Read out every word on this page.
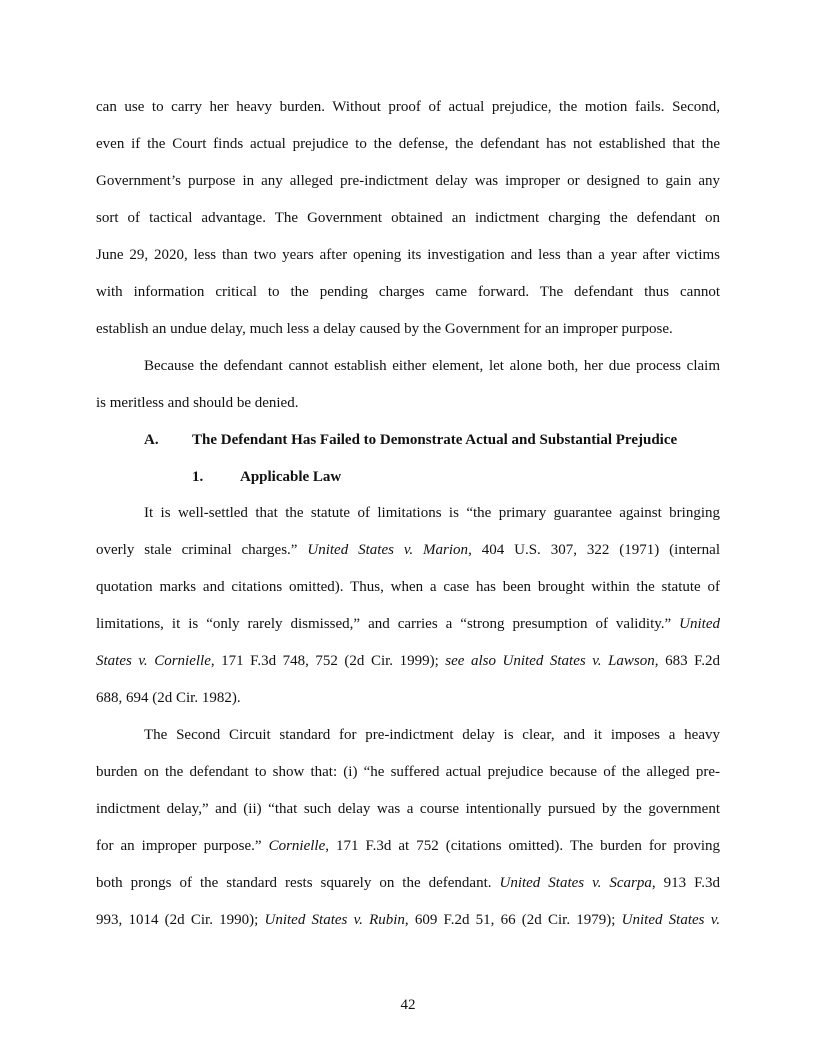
can use to carry her heavy burden. Without proof of actual prejudice, the motion fails. Second,
even if the Court finds actual prejudice to the defense, the defendant has not established that the
Government’s purpose in any alleged pre-indictment delay was improper or designed to gain any
sort of tactical advantage. The Government obtained an indictment charging the defendant on
June 29, 2020, less than two years after opening its investigation and less than a year after victims
with information critical to the pending charges came forward. The defendant thus cannot
establish an undue delay, much less a delay caused by the Government for an improper purpose.
Because the defendant cannot establish either element, let alone both, her due process claim
is meritless and should be denied.
A. The Defendant Has Failed to Demonstrate Actual and Substantial Prejudice
1. Applicable Law
It is well-settled that the statute of limitations is “the primary guarantee against bringing
overly stale criminal charges.” United States v. Marion, 404 U.S. 307, 322 (1971) (internal
quotation marks and citations omitted). Thus, when a case has been brought within the statute of
limitations, it is “only rarely dismissed,” and carries a “strong presumption of validity.” United
States v. Cornielle, 171 F.3d 748, 752 (2d Cir. 1999); see also United States v. Lawson, 683 F.2d
688, 694 (2d Cir. 1982).
The Second Circuit standard for pre-indictment delay is clear, and it imposes a heavy
burden on the defendant to show that: (i) “he suffered actual prejudice because of the alleged pre-
indictment delay,” and (ii) “that such delay was a course intentionally pursued by the government
for an improper purpose.” Cornielle, 171 F.3d at 752 (citations omitted). The burden for proving
both prongs of the standard rests squarely on the defendant. United States v. Scarpa, 913 F.3d
993, 1014 (2d Cir. 1990); United States v. Rubin, 609 F.2d 51, 66 (2d Cir. 1979); United States v.
42
